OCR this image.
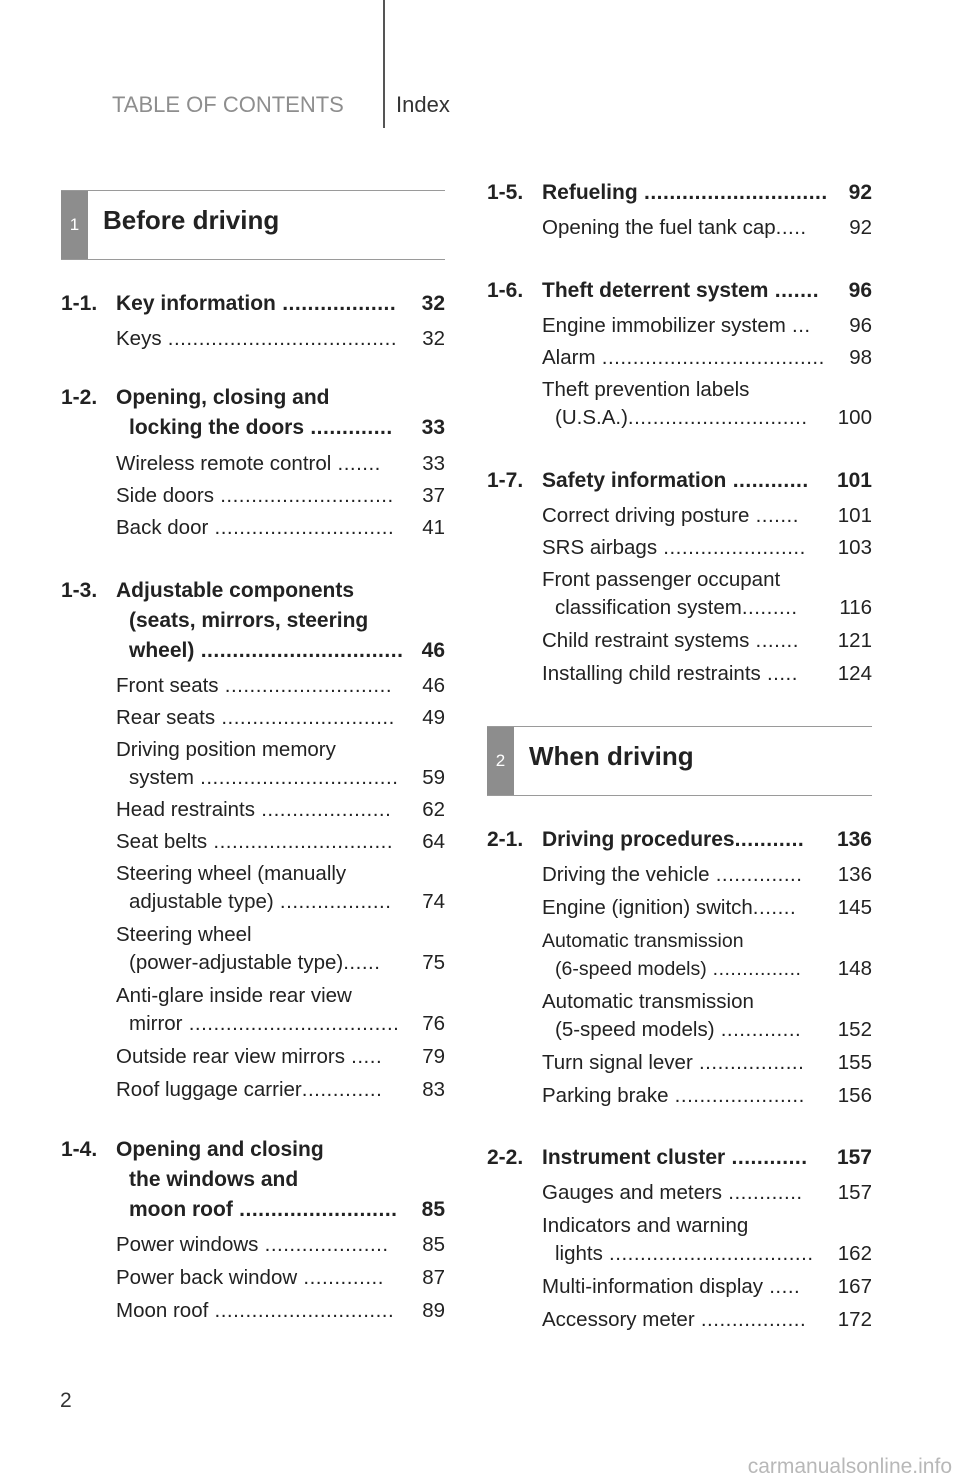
TABLE OF CONTENTS Index
1 Before driving
1-1. Key information .................. 32
Keys .....................................	32
1-2. Opening, closing and
locking the doors .............	33
Wireless remote control .......	33
Side doors ............................	37
Back door .............................	41
1-3. Adjustable components
(seats, mirrors, steering
wheel) ................................ 46
Front seats ...........................	46
Rear seats ............................	49
Driving position memory
system ................................	59
Head restraints .....................	62
Seat belts .............................	64
Steering wheel (manually
adjustable type) ..................	74
Steering wheel
(power-adjustable type)......	75
Anti-glare inside rear view
mirror ..................................	76
Outside rear view mirrors .....	79
Roof luggage carrier.............	83
1-4. Opening and closing
the windows and
moon roof .........................	85
Power windows ....................	85
Power back window .............	87
Moon roof .............................	89
1-5. Refueling ............................. 92
Opening the fuel tank cap.....	92
1-6. Theft deterrent system .......	96
Engine immobilizer system ...	96
Alarm ....................................	98
Theft prevention labels
(U.S.A.).............................	100
1-7. Safety information ............	101
Correct driving posture .......	101
SRS airbags .......................	103
Front passenger occupant
classification system.........	116
Child restraint systems .......	121
Installing child restraints .....	124
2 When driving
2-1. Driving procedures...........	136
Driving the vehicle ..............	136
Engine (ignition) switch.......	145
Automatic transmission
(6-speed models) ...............	148
Automatic transmission
(5-speed models) .............	152
Turn signal lever .................	155
Parking brake .....................	156
2-2. Instrument cluster ............	157
Gauges and meters ............	157
Indicators and warning
lights .................................	162
Multi-information display .....	167
Accessory meter .................	172
2
carmanualsonline.info
